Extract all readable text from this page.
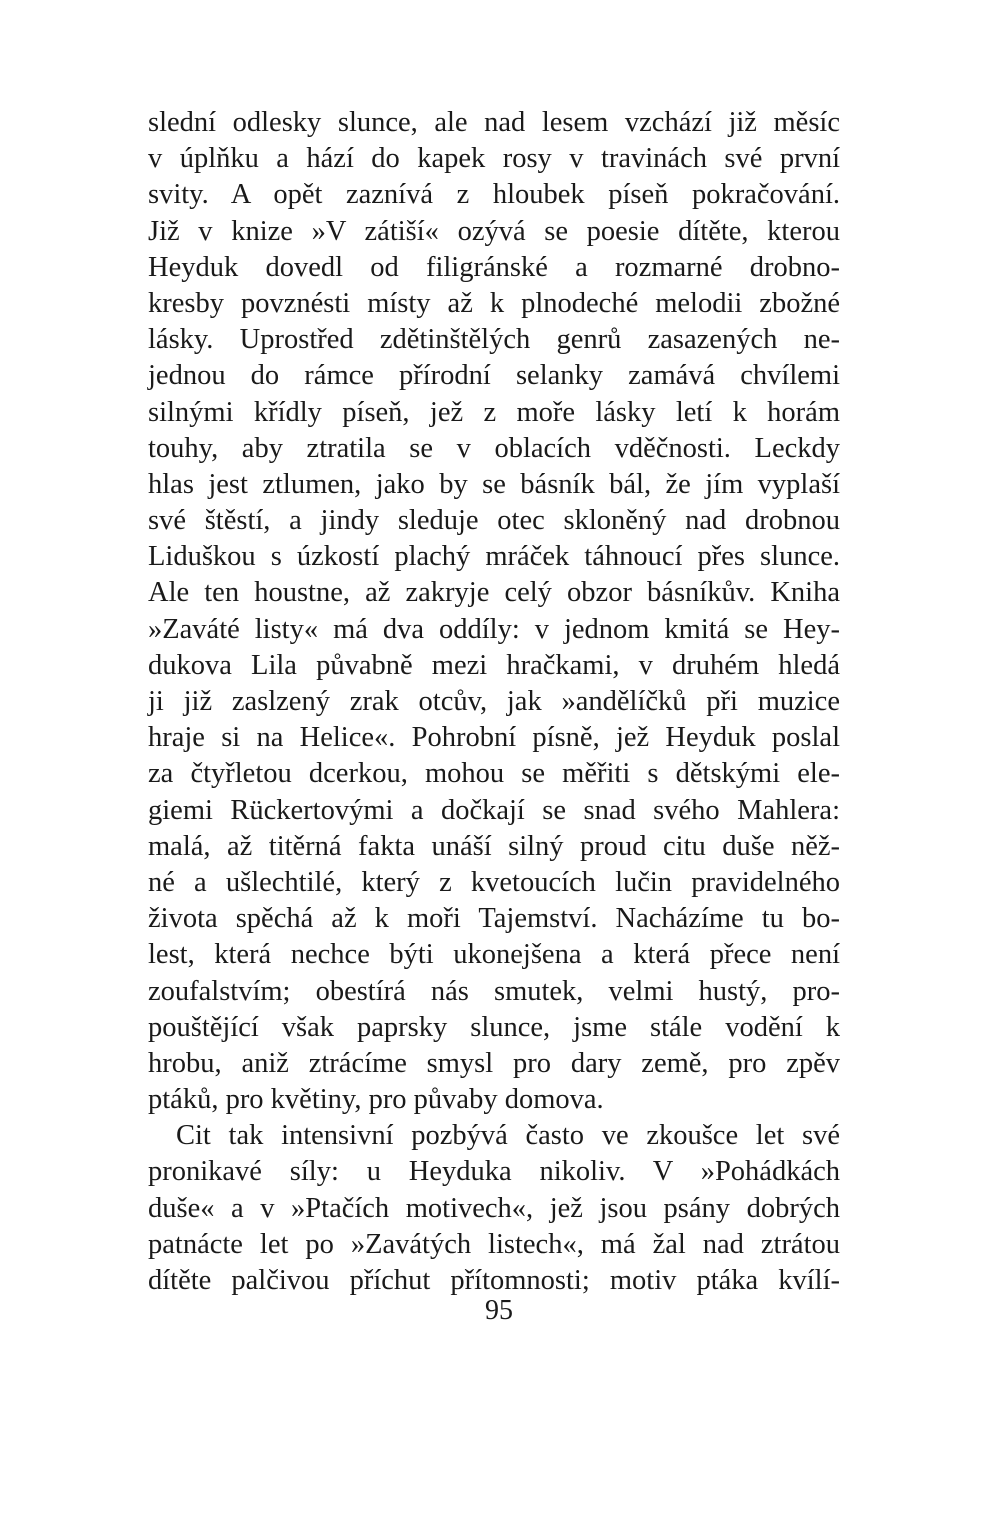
slední odlesky slunce, ale nad lesem vzchází již měsíc
v úplňku a hází do kapek rosy v travinách své první
svity. A opět zaznívá z hloubek píseň pokračování.
Již v knize »V zátiší« ozývá se poesie dítěte, kterou
Heyduk dovedl od filigránské a rozmarné drobno-
kresby povznésti místy až k plnodeché melodii zbožné
lásky. Uprostřed zdětinštělých genrů zasazených ne-
jednou do rámce přírodní selanky zamává chvílemi
silnými křídly píseň, jež z moře lásky letí k horám
touhy, aby ztratila se v oblacích vděčnosti. Leckdy
hlas jest ztlumen, jako by se básník bál, že jím vyplaší
své štěstí, a jindy sleduje otec skloněný nad drobnou
Liduškou s úzkostí plachý mráček táhnoucí přes slunce.
Ale ten houstne, až zakryje celý obzor básníkův. Kniha
»Zaváté listy« má dva oddíly: v jednom kmitá se Hey-
dukova Lila půvabně mezi hračkami, v druhém hledá
ji již zaslzený zrak otcův, jak »andělíčků při muzice
hraje si na Helice«. Pohrobní písně, jež Heyduk poslal
za čtyřletou dcerkou, mohou se měřiti s dětskými ele-
giemi Rückertovými a dočkají se snad svého Mahlera:
malá, až titěrná fakta unáší silný proud citu duše něž-
né a ušlechtilé, který z kvetoucích lučin pravidelného
života spěchá až k moři Tajemství. Nacházíme tu bo-
lest, která nechce býti ukonejšena a která přece není
zoufalstvím; obestírá nás smutek, velmi hustý, pro-
pouštějící však paprsky slunce, jsme stále vodění k
hrobu, aniž ztrácíme smysl pro dary země, pro zpěv
ptáků, pro květiny, pro půvaby domova.
Cit tak intensivní pozbývá často ve zkoušce let své
pronikavé síly: u Heyduka nikoliv. V »Pohádkách
duše« a v »Ptačích motivech«, jež jsou psány dobrých
patnácte let po »Zavátých listech«, má žal nad ztrátou
dítěte palčivou příchut přítomnosti; motiv ptáka kvílí-
95
